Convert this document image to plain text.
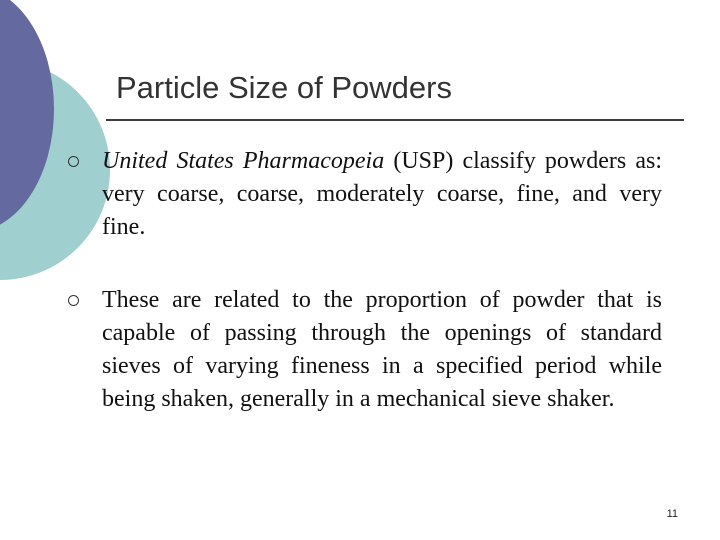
Particle Size of Powders
United States Pharmacopeia (USP) classify powders as: very coarse, coarse, moderately coarse, fine, and very fine.
These are related to the proportion of powder that is capable of passing through the openings of standard sieves of varying fineness in a specified period while being shaken, generally in a mechanical sieve shaker.
11
